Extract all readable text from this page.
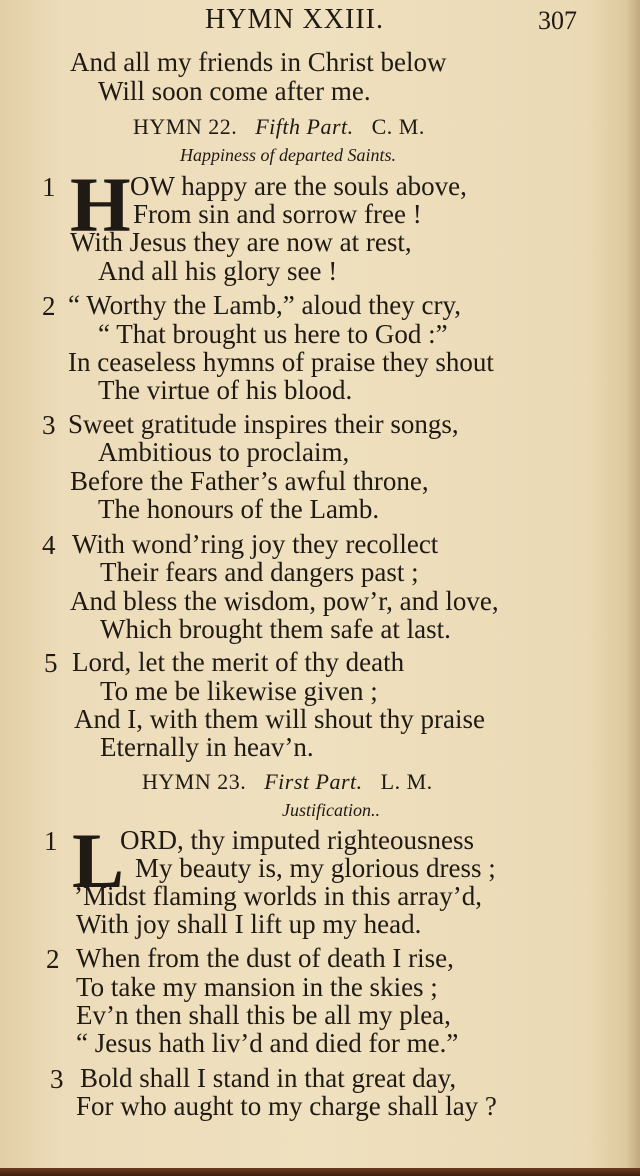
HYMN XXIII.	307
And all my friends in Christ below
Will soon come after me.
HYMN 22. Fifth Part. C. M.
Happiness of departed Saints.
1 H OW happy are the souls above,
From sin and sorrow free !
With Jesus they are now at rest,
And all his glory see !
2 “ Worthy the Lamb,” aloud they cry,
“ That brought us here to God :”
In ceaseless hymns of praise they shout
The virtue of his blood.
3 Sweet gratitude inspires their songs,
Ambitious to proclaim,
Before the Father’s awful throne,
The honours of the Lamb.
4 With wond’ring joy they recollect
Their fears and dangers past ;
And bless the wisdom, pow’r, and love,
Which brought them safe at last.
5 Lord, let the merit of thy death
To me be likewise given ;
And I, with them will shout thy praise
Eternally in heav’n.
HYMN 23. First Part. L. M.
Justification..
1 L
ORD, thy imputed righteousness
My beauty is, my glorious dress ;
’Midst flaming worlds in this array’d,
With joy shall I lift up my head.
2 When from the dust of death I rise,
To take my mansion in the skies ;
Ev’n then shall this be all my plea,
“ Jesus hath liv’d and died for me.”
3 Bold shall I stand in that great day,
For who aught to my charge shall lay ?
